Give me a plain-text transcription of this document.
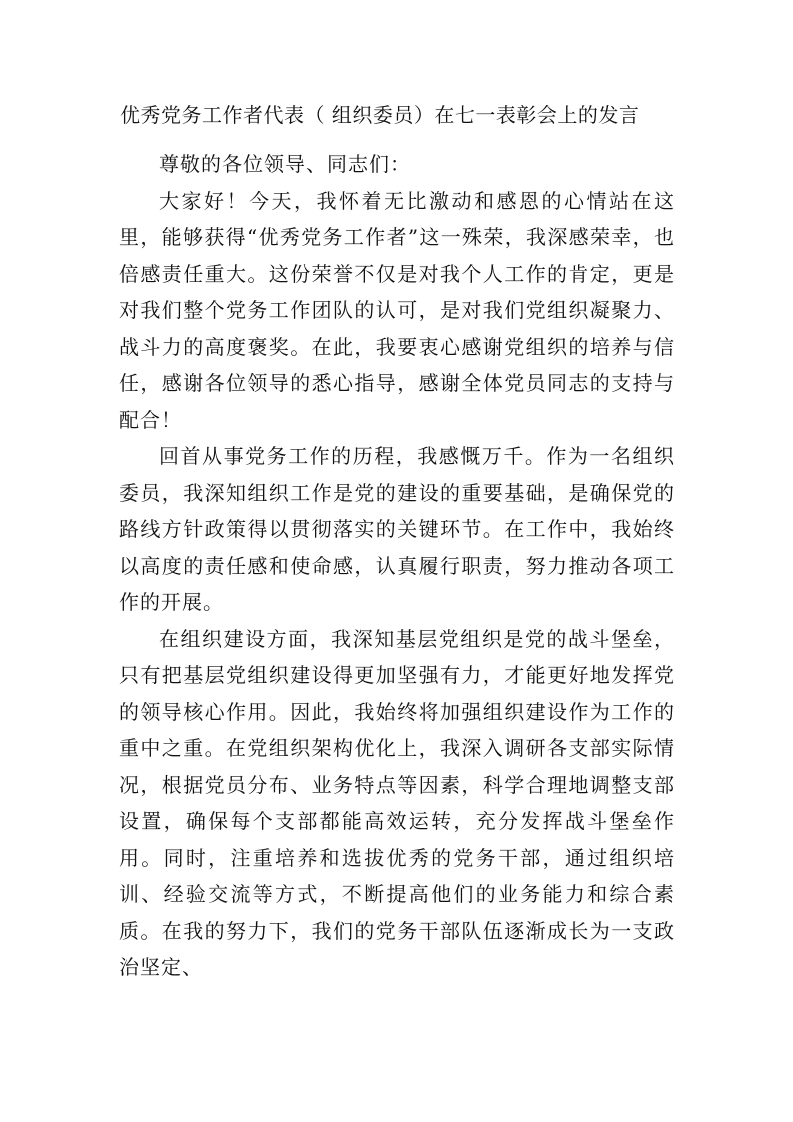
优秀党务工作者代表（ 组织委员）在七一表彰会上的发言

尊敬的各位领导、同志们：

大家好！今天，我怀着无比激动和感恩的心情站在这里，能够获得“优秀党务工作者”这一殊荣，我深感荣幸，也倍感责任重大。这份荣誉不仅是对我个人工作的肯定，更是对我们整个党务工作团队的认可，是对我们党组织凝聚力、战斗力的高度褒奖。在此，我要衷心感谢党组织的培养与信任，感谢各位领导的悉心指导，感谢全体党员同志的支持与配合！

回首从事党务工作的历程，我感慨万千。作为一名组织委员，我深知组织工作是党的建设的重要基础，是确保党的路线方针政策得以贯彻落实的关键环节。在工作中，我始终以高度的责任感和使命感，认真履行职责，努力推动各项工作的开展。

在组织建设方面，我深知基层党组织是党的战斗堡垒，只有把基层党组织建设得更加坚强有力，才能更好地发挥党的领导核心作用。因此，我始终将加强组织建设作为工作的重中之重。在党组织架构优化上，我深入调研各支部实际情况，根据党员分布、业务特点等因素，科学合理地调整支部设置，确保每个支部都能高效运转，充分发挥战斗堡垒作用。同时，注重培养和选拔优秀的党务干部，通过组织培训、经验交流等方式，不断提高他们的业务能力和综合素质。在我的努力下，我们的党务干部队伍逐渐成长为一支政治坚定、
